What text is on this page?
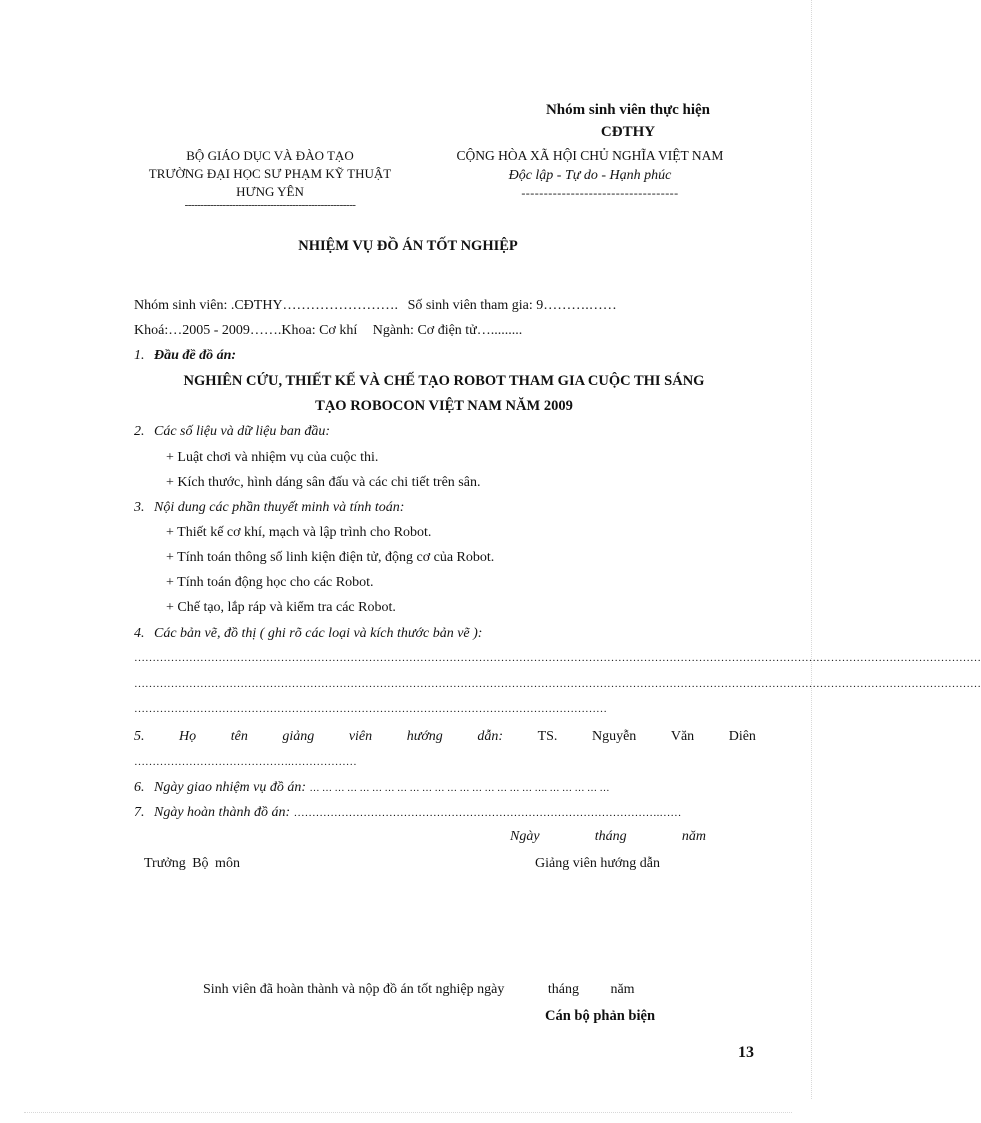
Nhóm sinh viên thực hiện
CĐTHY
BỘ GIÁO DỤC VÀ ĐÀO TẠO
TRƯỜNG ĐẠI HỌC SƯ PHẠM KỸ THUẬT
HƯNG YÊN
------------------------------------------------------
CỘNG HÒA XÃ HỘI CHỦ NGHĨA VIỆT NAM
Độc lập - Tự do - Hạnh phúc
-----------------------------------
NHIỆM VỤ ĐỒ ÁN TỐT NGHIỆP
Nhóm sinh viên: .CĐTHY……………………. Số sinh viên tham gia: 9……….……
Khoá:…2005 - 2009…….Khoa: Cơ khí Ngành: Cơ điện tử….........
1. Đầu đề đồ án:
NGHIÊN CỨU, THIẾT KẾ VÀ CHẾ TẠO ROBOT THAM GIA CUỘC THI SÁNG
TẠO ROBOCON VIỆT NAM NĂM 2009
2. Các số liệu và dữ liệu ban đầu:
+ Luật chơi và nhiệm vụ của cuộc thi.
+ Kích thước, hình dáng sân đấu và các chi tiết trên sân.
3. Nội dung các phần thuyết minh và tính toán:
+ Thiết kế cơ khí, mạch và lập trình cho Robot.
+ Tính toán thông số linh kiện điện tử, động cơ của Robot.
+ Tính toán động học cho các Robot.
+ Chế tạo, lắp ráp và kiểm tra các Robot.
4. Các bản vẽ, đồ thị ( ghi rõ các loại và kích thước bản vẽ ):
……………………………………………………………………………………………………………………………………………………………………………………………………………
……………………………………………………………………………………………………………………………………………………………………………………………………………
…………………………………………………………………………………………………………………
5. Họ tên giảng viên hướng dẫn: TS. Nguyễn Văn Diên
…………………………………….………………
6. Ngày giao nhiệm vụ đồ án: … … … … … … … … … … … … … … … … … … …. … … … … …
7. Ngày hoàn thành đồ án: ……………………………………………………………………………………….……
Ngày	tháng	năm
Trưởng Bộ môn	Giảng viên hướng dẫn
Sinh viên đã hoàn thành và nộp đồ án tốt nghiệp ngày	tháng năm
Cán bộ phản biện
13
